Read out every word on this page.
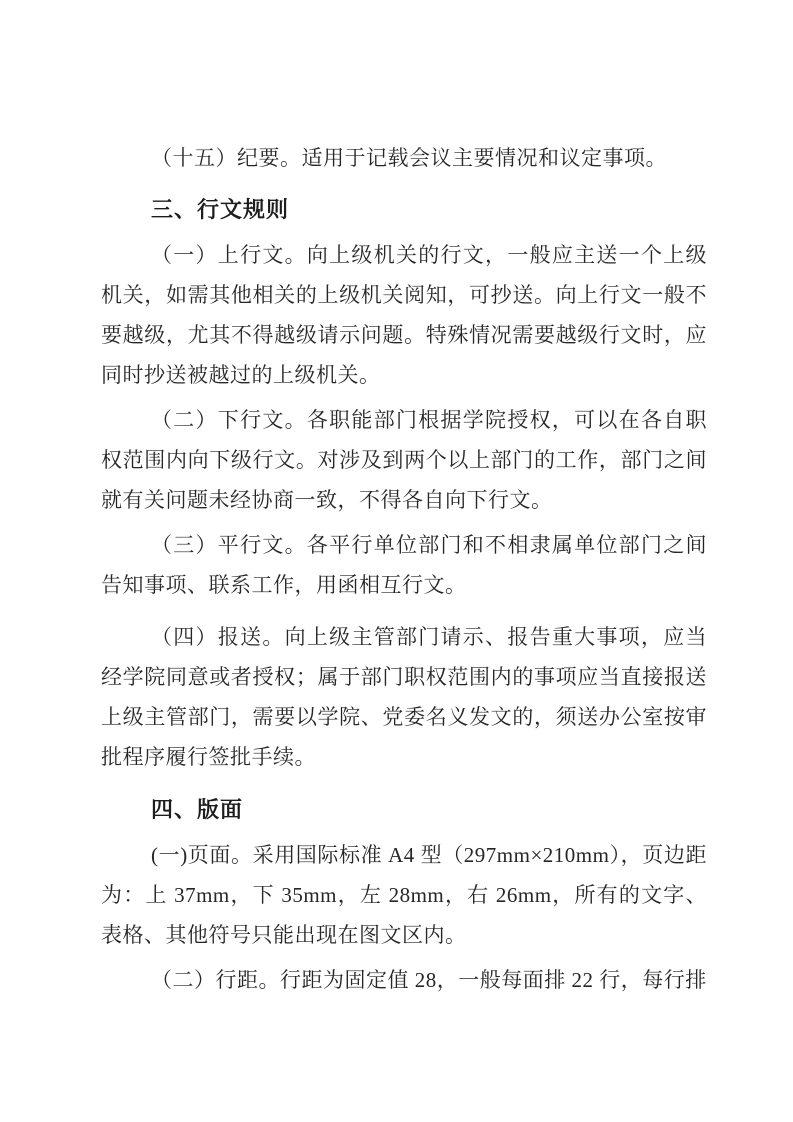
（十五）纪要。适用于记载会议主要情况和议定事项。

三、行文规则

（一）上行文。向上级机关的行文，一般应主送一个上级机关，如需其他相关的上级机关阅知，可抄送。向上行文一般不要越级，尤其不得越级请示问题。特殊情况需要越级行文时，应同时抄送被越过的上级机关。

（二）下行文。各职能部门根据学院授权，可以在各自职权范围内向下级行文。对涉及到两个以上部门的工作，部门之间就有关问题未经协商一致，不得各自向下行文。

（三）平行文。各平行单位部门和不相隶属单位部门之间告知事项、联系工作，用函相互行文。

（四）报送。向上级主管部门请示、报告重大事项，应当经学院同意或者授权；属于部门职权范围内的事项应当直接报送上级主管部门，需要以学院、党委名义发文的，须送办公室按审批程序履行签批手续。

四、版面

(一)页面。采用国际标准 A4 型（297mm×210mm），页边距为：上 37mm，下 35mm，左 28mm，右 26mm，所有的文字、表格、其他符号只能出现在图文区内。

（二）行距。行距为固定值 28，一般每面排 22 行，每行排
